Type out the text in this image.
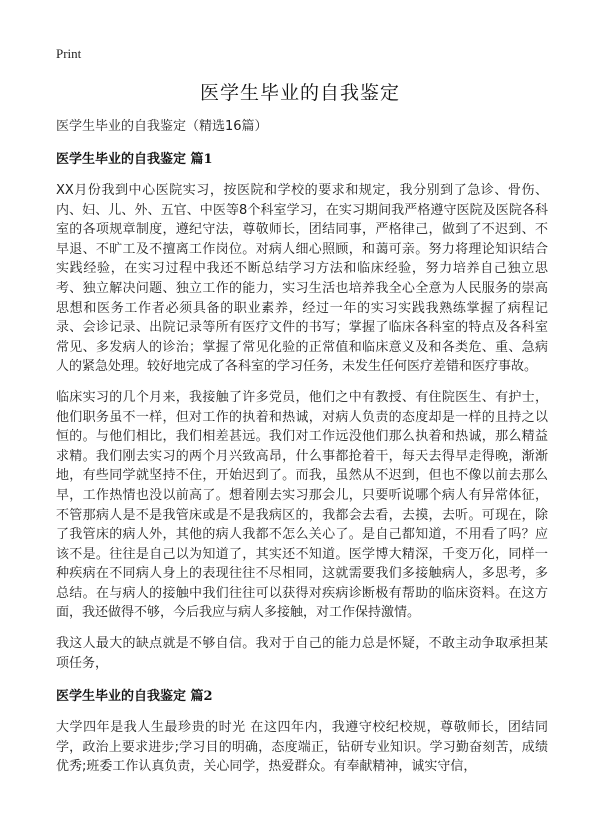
Print
医学生毕业的自我鉴定
医学生毕业的自我鉴定（精选16篇）
医学生毕业的自我鉴定 篇1

XX月份我到中心医院实习，按医院和学校的要求和规定，我分别到了急诊、骨伤、内、妇、儿、外、五官、中医等8个科室学习，在实习期间我严格遵守医院及医院各科室的各项规章制度，遵纪守法，尊敬师长，团结同事，严格律己，做到了不迟到、不早退、不旷工及不擅离工作岗位。对病人细心照顾，和蔼可亲。努力将理论知识结合实践经验，在实习过程中我还不断总结学习方法和临床经验，努力培养自己独立思考、独立解决问题、独立工作的能力，实习生活也培养我全心全意为人民服务的崇高思想和医务工作者必须具备的职业素养，经过一年的实习实践我熟练掌握了病程记录、会诊记录、出院记录等所有医疗文件的书写；掌握了临床各科室的特点及各科室常见、多发病人的诊治；掌握了常见化验的正常值和临床意义及和各类危、重、急病人的紧急处理。较好地完成了各科室的学习任务，未发生任何医疗差错和医疗事故。

临床实习的几个月来，我接触了许多党员，他们之中有教授、有住院医生、有护士，他们职务虽不一样，但对工作的执着和热诚，对病人负责的态度却是一样的且持之以恒的。与他们相比，我们相差甚远。我们对工作远没他们那么执着和热诚，那么精益求精。我们刚去实习的两个月兴致高昂，什么事都抢着干，每天去得早走得晚，渐渐地，有些同学就坚持不住，开始迟到了。而我，虽然从不迟到，但也不像以前去那么早，工作热情也没以前高了。想着刚去实习那会儿，只要听说哪个病人有异常体征，不管那病人是不是我管床或是不是我病区的，我都会去看，去摸，去听。可现在，除了我管床的病人外，其他的病人我都不怎么关心了。是自己都知道，不用看了吗？应该不是。往往是自己以为知道了，其实还不知道。医学博大精深，千变万化，同样一种疾病在不同病人身上的表现往往不尽相同，这就需要我们多接触病人，多思考，多总结。在与病人的接触中我们往往可以获得对疾病诊断极有帮助的临床资料。在这方面，我还做得不够，今后我应与病人多接触，对工作保持激情。

我这人最大的缺点就是不够自信。我对于自己的能力总是怀疑，不敢主动争取承担某项任务，

医学生毕业的自我鉴定 篇2

大学四年是我人生最珍贵的时光 在这四年内，我遵守校纪校规，尊敬师长，团结同学，政治上要求进步;学习目的明确，态度端正，钻研专业知识。学习勤奋刻苦，成绩优秀;班委工作认真负责，关心同学，热爱群众。有奉献精神，诚实守信，
